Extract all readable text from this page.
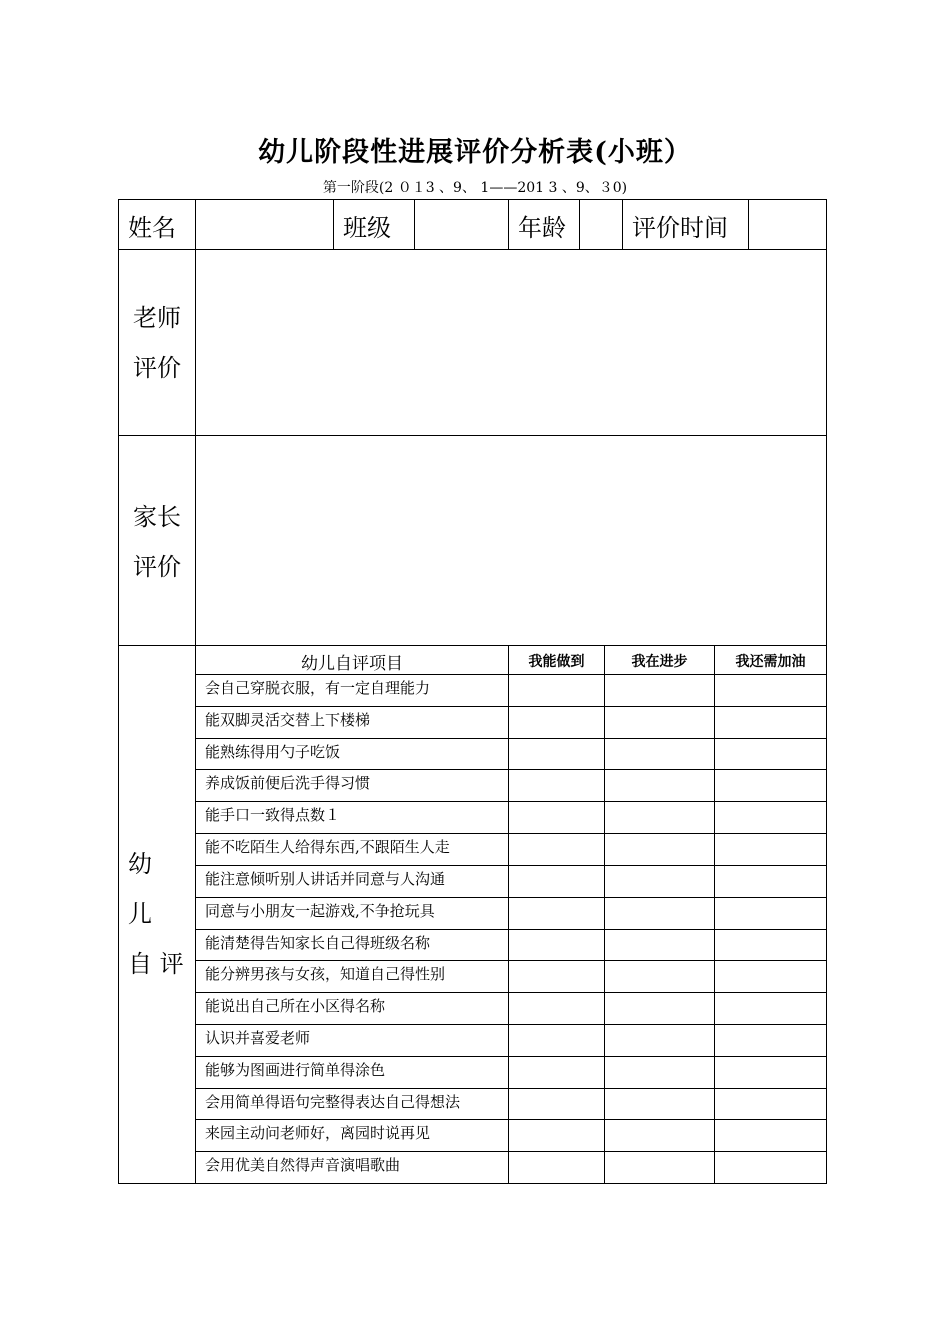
幼儿阶段性进展评价分析表(小班）
第一阶段(2 ０１3 、9、 1——201 3 、9、３0)
姓名	班级	年龄	评价时间
老师
评价
家长
评价
幼
儿
自 评
幼儿自评项目	我能做到	我在进步	我还需加油
会自己穿脱衣服，有一定自理能力
能双脚灵活交替上下楼梯
能熟练得用勺子吃饭
养成饭前便后洗手得习惯
能手口一致得点数１
能不吃陌生人给得东西,不跟陌生人走
能注意倾听别人讲话并同意与人沟通
同意与小朋友一起游戏,不争抢玩具
能清楚得告知家长自己得班级名称
能分辨男孩与女孩，知道自己得性别
能说出自己所在小区得名称
认识并喜爱老师
能够为图画进行简单得涂色
会用简单得语句完整得表达自己得想法
来园主动问老师好，离园时说再见
会用优美自然得声音演唱歌曲
